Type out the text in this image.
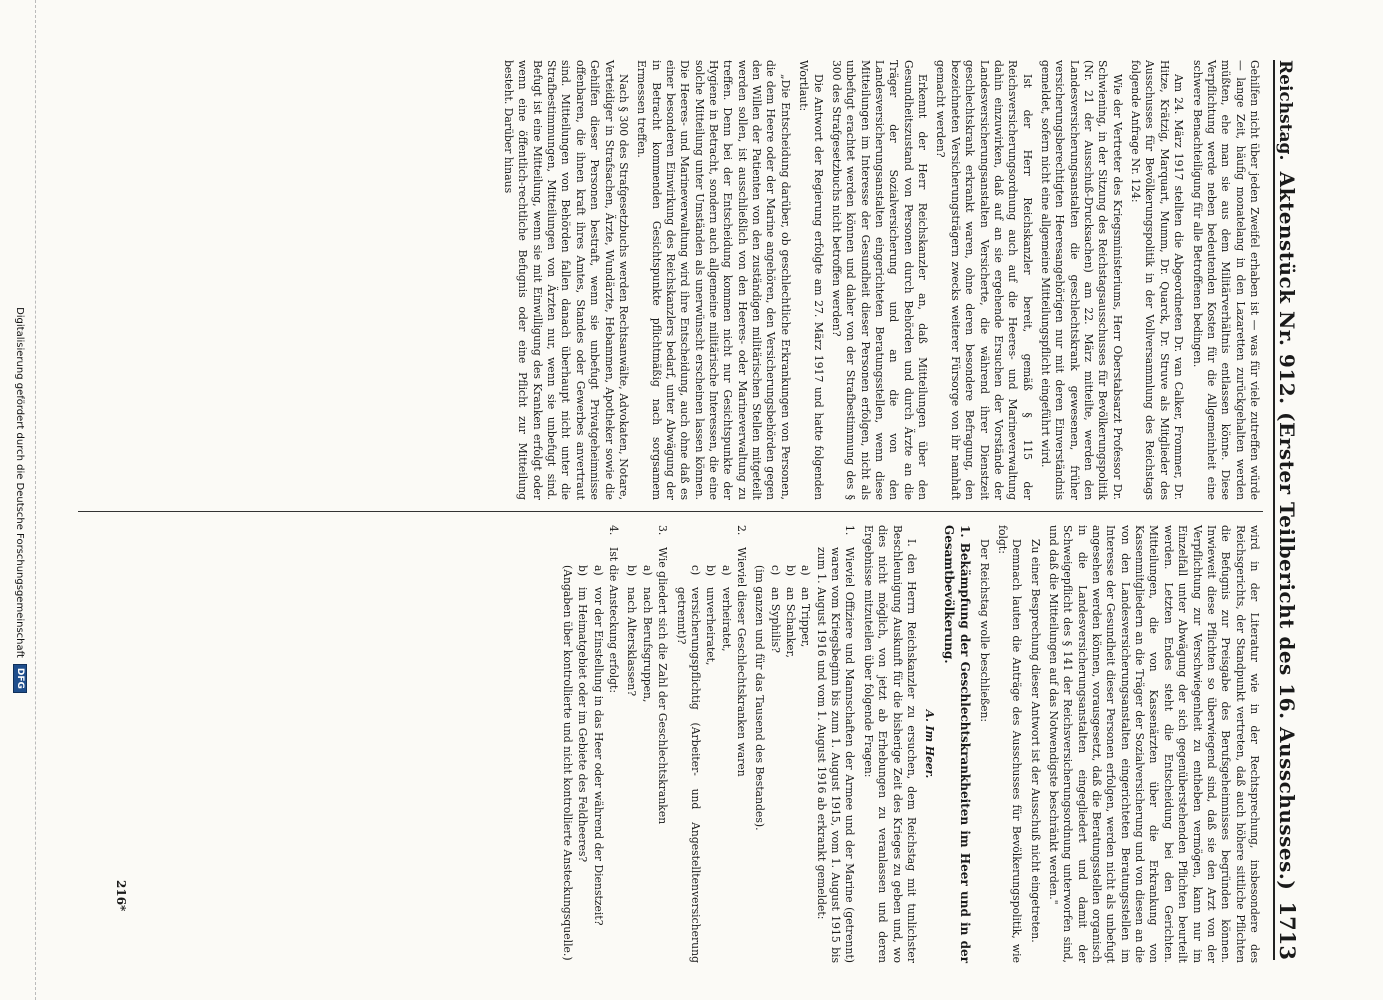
Reichstag.
Aktenstück Nr. 912. (Erster Teilbericht des 16. Ausschusses.)
1713

Gehilfen nicht über jeden Zweifel erhaben ist — was für viele zutreffen würde — lange Zeit, häufig monatelang in den Lazaretten zurückgehalten werden müßten, ehe man sie aus dem Militärverhältnis entlassen könne. Diese Verpflichtung werde neben bedeutenden Kosten für die Allgemeinheit eine schwere Benachteiligung für alle Betroffenen bedingen.

Am 24. März 1917 stellten die Abgeordneten Dr. van Calker, Frommer, Dr. Hitze, Krätzig, Marquart, Mumm, Dr. Quarck, Dr. Struve als Mitglieder des Ausschusses für Bevölkerungspolitik in der Vollversammlung des Reichstags folgende Anfrage Nr. 124:

Wie der Vertreter des Kriegsministeriums, Herr Oberstabsarzt Professor Dr. Schwiening, in der Sitzung des Reichstagsausschusses für Bevölkerungspolitik (Nr. 21 der Ausschuß-Drucksachen) am 22. März mitteilte, werden den Landesversicherungsanstalten die geschlechtskrank gewesenen, früher versicherungsberechtigten Heeresangehörigen nur mit deren Einverständnis gemeldet, sofern nicht eine allgemeine Mitteilungspflicht eingeführt wird.

Ist der Herr Reichskanzler bereit, gemäß § 115 der Reichsversicherungsordnung auch auf die Heeres- und Marineverwaltung dahin einzuwirken, daß auf an sie ergehende Ersuchen der Vorstände der Landesversicherungsanstalten Versicherte, die während ihrer Dienstzeit geschlechtskrank erkrankt waren, ohne deren besondere Befragung, den bezeichneten Versicherungsträgern zwecks weiterer Fürsorge von ihr namhaft gemacht werden?

Erkennt der Herr Reichskanzler an, daß Mitteilungen über den Gesundheitszustand von Personen durch Behörden und durch Ärzte an die Träger der Sozialversicherung und an die von den Landesversicherungsanstalten eingerichteten Beratungsstellen, wenn diese Mitteilungen im Interesse der Gesundheit dieser Personen erfolgen, nicht als unbefugt erachtet werden können und daher von der Strafbestimmung des § 300 des Strafgesetzbuchs nicht betroffen werden?

Die Antwort der Regierung erfolgte am 27. März 1917 und hatte folgenden Wortlaut:

„Die Entscheidung darüber, ob geschlechtliche Erkrankungen von Personen, die dem Heere oder der Marine angehören, den Versicherungsbehörden gegen den Willen der Patienten von den zuständigen militärischen Stellen mitgeteilt werden sollen, ist ausschließlich von den Heeres- oder Marineverwaltung zu treffen. Denn bei der Entscheidung kommen nicht nur Gesichtspunkte der Hygiene in Betracht, sondern auch allgemeine militärische Interessen, die eine solche Mitteilung unter Umständen als unerwünscht erscheinen lassen können. Die Heeres- und Marineverwaltung wird ihre Entscheidung, auch ohne daß es einer besonderen Einwirkung des Reichskanzlers bedarf, unter Abwägung der in Betracht kommenden Gesichtspunkte pflichtmäßig nach sorgsamem Ermessen treffen.

Nach § 300 des Strafgesetzbuchs werden Rechtsanwälte, Advokaten, Notare, Verteidiger in Strafsachen, Ärzte, Wundärzte, Hebammen, Apotheker sowie die Gehilfen dieser Personen bestraft, wenn sie unbefugt Privatgeheimnisse offenbaren, die ihnen kraft ihres Amtes, Standes oder Gewerbes anvertraut sind. Mitteilungen von Behörden fallen danach überhaupt nicht unter die Strafbestimmungen, Mitteilungen von Ärzten nur, wenn sie unbefugt sind. Befugt ist eine Mitteilung, wenn sie mit Einwilligung des Kranken erfolgt oder wenn eine öffentlich-rechtliche Befugnis oder eine Pflicht zur Mitteilung besteht. Darüber hinaus

wird in der Literatur wie in der Rechtsprechung, insbesondere des Reichsgerichts, der Standpunkt vertreten, daß auch höhere sittliche Pflichten die Befugnis zur Preisgabe des Berufsgeheimnisses begründen können. Inwieweit diese Pflichten so überwiegend sind, daß sie den Arzt von der Verpflichtung zur Verschwiegenheit zu entheben vermögen, kann nur im Einzelfall unter Abwägung der sich gegenüberstehenden Pflichten beurteilt werden. Letzten Endes steht die Entscheidung bei den Gerichten. Mitteilungen, die von Kassenärzten über die Erkrankung von Kassenmitgliedern an die Träger der Sozialversicherung und von diesen an die von den Landesversicherungsanstalten eingerichteten Beratungsstellen im Interesse der Gesundheit dieser Personen erfolgen, werden nicht als unbefugt angesehen werden können, vorausgesetzt, daß die Beratungsstellen organisch in die Landesversicherungsanstalten eingegliedert und damit der Schweigepflicht des § 141 der Reichsversicherungsordnung unterworfen sind, und daß die Mitteilungen auf das Notwendigste beschränkt werden."

Zu einer Besprechung dieser Antwort ist der Ausschuß nicht eingetreten.

Demnach lauten die Anträge des Ausschusses für Bevölkerungspolitik, wie folgt:

Der Reichstag wolle beschließen:

1. Bekämpfung der Geschlechtskrankheiten im Heer und in der Gesamtbevölkerung.

A. Im Heer.

I. den Herrn Reichskanzler zu ersuchen, dem Reichstag mit tunlichster Beschleunigung Auskunft für die bisherige Zeit des Krieges zu geben und, wo dies nicht möglich, von jetzt ab Erhebungen zu veranlassen und deren Ergebnisse mitzuteilen über folgende Fragen:

1.
Wieviel Offiziere und Mannschaften der Armee und der Marine (getrennt) waren vom Kriegsbeginn bis zum 1. August 1915, vom 1. August 1915 bis zum 1. August 1916 und vom 1. August 1916 ab erkrankt gemeldet:
a)
an Tripper,
b)
an Schanker,
c)
an Syphilis?
(im ganzen und für das Tausend des Bestandes).
2.
Wieviel dieser Geschlechtskranken waren
a)
verheiratet,
b)
unverheiratet,
c)
versicherungspflichtig (Arbeiter- und Angestelltenversicherung getrennt)?
3.
Wie gliedert sich die Zahl der Geschlechtskranken
a)
nach Berufsgruppen,
b)
nach Altersklassen?
4.
Ist die Ansteckung erfolgt:
a)
vor der Einstellung in das Heer oder während der Dienstzeit?
b)
im Heimatgebiet oder im Gebiete des Feldheeres?
(Angaben über kontrollierte und nicht kontrollierte Ansteckungsquelle.)
216*
Digitalisierung gefördert durch die Deutsche Forschungsgemeinschaft
DFG
